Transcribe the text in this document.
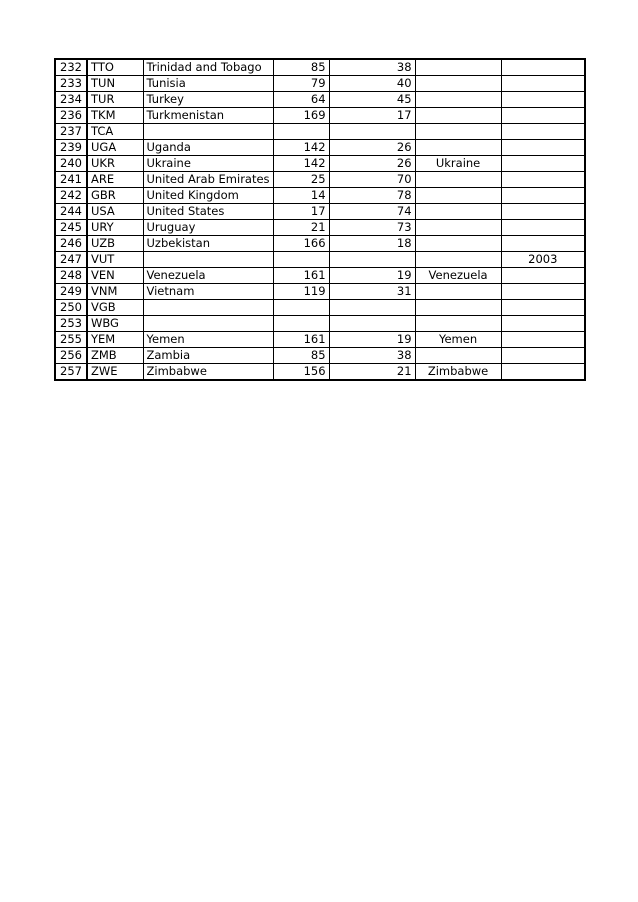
232	TTO	Trinidad and Tobago	85	38		
233	TUN	Tunisia	79	40		
234	TUR	Turkey	64	45		
236	TKM	Turkmenistan	169	17		
237	TCA					
239	UGA	Uganda	142	26		
240	UKR	Ukraine	142	26	Ukraine	
241	ARE	United Arab Emirates	25	70		
242	GBR	United Kingdom	14	78		
244	USA	United States	17	74		
245	URY	Uruguay	21	73		
246	UZB	Uzbekistan	166	18		
247	VUT					2003
248	VEN	Venezuela	161	19	Venezuela	
249	VNM	Vietnam	119	31		
250	VGB					
253	WBG					
255	YEM	Yemen	161	19	Yemen	
256	ZMB	Zambia	85	38		
257	ZWE	Zimbabwe	156	21	Zimbabwe	
